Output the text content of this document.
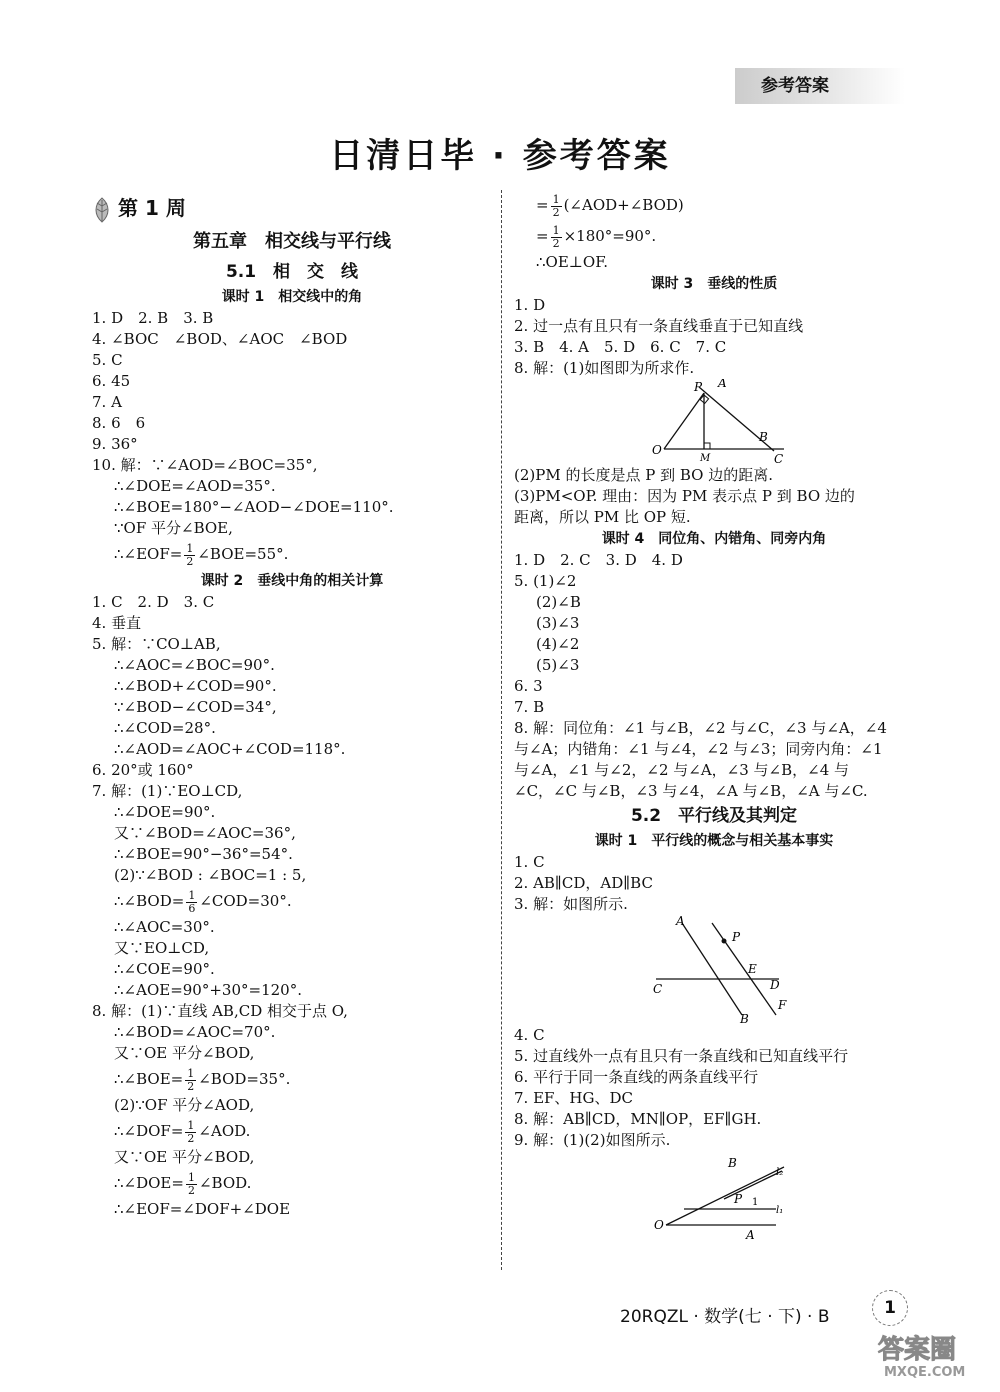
参考答案
日清日毕 · 参考答案
第 1 周
第五章　相交线与平行线
5.1　相　交　线
课时 1　相交线中的角
1. D　2. B　3. B
4. ∠BOC　∠BOD、∠AOC　∠BOD
5. C
6. 45
7. A
8. 6　6
9. 36°
10. 解：∵∠AOD=∠BOC=35°,
∴∠DOE=∠AOD=35°.
∴∠BOE=180°−∠AOD−∠DOE=110°.
∵OF 平分∠BOE,
∴∠EOF= $\frac{1}{2}$ ∠BOE=55°.
课时 2　垂线中角的相关计算
1. C　2. D　3. C
4. 垂直
5. 解：∵CO⊥AB,
∴∠AOC=∠BOC=90°.
∴∠BOD+∠COD=90°.
∵∠BOD−∠COD=34°,
∴∠COD=28°.
∴∠AOD=∠AOC+∠COD=118°.
6. 20°或 160°
7. 解：(1)∵EO⊥CD,
∴∠DOE=90°.
又∵∠BOD=∠AOC=36°,
∴∠BOE=90°−36°=54°.
(2)∵∠BOD : ∠BOC=1 : 5,
∴∠BOD= $\frac{1}{6}$ ∠COD=30°.
∴∠AOC=30°.
又∵EO⊥CD,
∴∠COE=90°.
∴∠AOE=90°+30°=120°.
8. 解：(1)∵直线 AB,CD 相交于点 O,
∴∠BOD=∠AOC=70°.
又∵OE 平分∠BOD,
∴∠BOE= $\frac{1}{2}$ ∠BOD=35°.
(2)∵OF 平分∠AOD,
∴∠DOF= $\frac{1}{2}$ ∠AOD.
又∵OE 平分∠BOD,
∴∠DOE= $\frac{1}{2}$ ∠BOD.
∴∠EOF=∠DOF+∠DOE
= $\frac{1}{2}$ (∠AOD+∠BOD)
= $\frac{1}{2} \times 180^\circ=90^\circ$.
∴OE⊥OF.
课时 3　垂线的性质
1. D
2. 过一点有且只有一条直线垂直于已知直线
3. B　4. A　5. D　6. C　7. C
8. 解：(1)如图即为所求作.
P A
O
M
B
C
(2)PM 的长度是点 P 到 BO 边的距离.
(3)PM<OP. 理由：因为 PM 表示点 P 到 BO 边的
距离，所以 PM 比 OP 短.
课时 4　同位角、内错角、同旁内角
1. D　2. C　3. D　4. D
5. (1)∠2
(2)∠B
(3)∠3
(4)∠2
(5)∠3
6. 3
7. B
8. 解：同位角：∠1 与∠B，∠2 与∠C，∠3 与∠A，∠4
与∠A；内错角：∠1 与∠4，∠2 与∠3；同旁内角：∠1
与∠A，∠1 与∠2，∠2 与∠A，∠3 与∠B，∠4 与
∠C，∠C 与∠B，∠3 与∠4，∠A 与∠B，∠A 与∠C.
5.2　平行线及其判定
课时 1　平行线的概念与相关基本事实
1. C
2. AB∥CD，AD∥BC
3. 解：如图所示.
A
P
E
C	D
B
F
4. C
5. 过直线外一点有且只有一条直线和已知直线平行
6. 平行于同一条直线的两条直线平行
7. EF、HG、DC
8. 解：AB∥CD，MN∥OP，EF∥GH.
9. 解：(1)(2)如图所示.
B
l₂
P 1
l₁
O
A
20RQZL · 数学(七 · 下) · B	1
答案圈
MXQE.COM
